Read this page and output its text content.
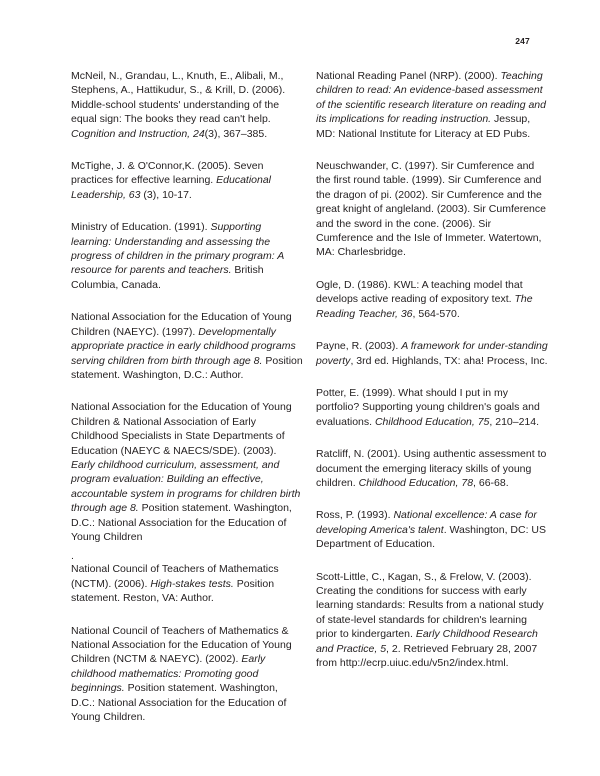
247

McNeil, N., Grandau, L., Knuth, E., Alibali, M., Stephens, A., Hattikudur, S., & Krill, D. (2006). Middle-school students' understanding of the equal sign: The books they read can't help. Cognition and Instruction, 24(3), 367–385.

McTighe, J. & O'Connor,K. (2005). Seven practices for effective learning. Educational Leadership, 63 (3), 10-17.

Ministry of Education. (1991). Supporting learning: Understanding and assessing the progress of children in the primary program: A resource for parents and teachers. British Columbia, Canada.

National Association for the Education of Young Children (NAEYC). (1997). Developmentally appropriate practice in early childhood programs serving children from birth through age 8. Position statement. Washington, D.C.: Author.

National Association for the Education of Young Children & National Association of Early Childhood Specialists in State Departments of Education (NAEYC & NAECS/SDE). (2003). Early childhood curriculum, assessment, and program evaluation: Building an effective, accountable system in programs for children birth through age 8. Position statement. Washington, D.C.: National Association for the Education of Young Children

.

National Council of Teachers of Mathematics (NCTM). (2006). High-stakes tests. Position statement. Reston, VA: Author.

National Council of Teachers of Mathematics & National Association for the Education of Young Children (NCTM & NAEYC). (2002). Early childhood mathematics: Promoting good beginnings. Position statement. Washington, D.C.: National Association for the Education of Young Children.

National Reading Panel (NRP). (2000). Teaching children to read: An evidence-based assessment of the scientific research literature on reading and its implications for reading instruction. Jessup, MD: National Institute for Literacy at ED Pubs.

Neuschwander, C. (1997). Sir Cumference and the first round table. (1999). Sir Cumference and the dragon of pi. (2002). Sir Cumference and the great knight of angleland. (2003). Sir Cumference and the sword in the cone. (2006). Sir Cumference and the Isle of Immeter. Watertown, MA: Charlesbridge.

Ogle, D. (1986). KWL: A teaching model that develops active reading of expository text. The Reading Teacher, 36, 564-570.

Payne, R. (2003). A framework for under-standing poverty, 3rd ed. Highlands, TX: aha! Process, Inc.

Potter, E. (1999). What should I put in my portfolio? Supporting young children's goals and evaluations. Childhood Education, 75, 210–214.

Ratcliff, N. (2001). Using authentic assessment to document the emerging literacy skills of young children. Childhood Education, 78, 66-68.

Ross, P. (1993). National excellence: A case for developing America's talent. Washington, DC: US Department of Education.

Scott-Little, C., Kagan, S., & Frelow, V. (2003). Creating the conditions for success with early learning standards: Results from a national study of state-level standards for children's learning prior to kindergarten. Early Childhood Research and Practice, 5, 2. Retrieved February 28, 2007 from http://ecrp.uiuc.edu/v5n2/index.html.
